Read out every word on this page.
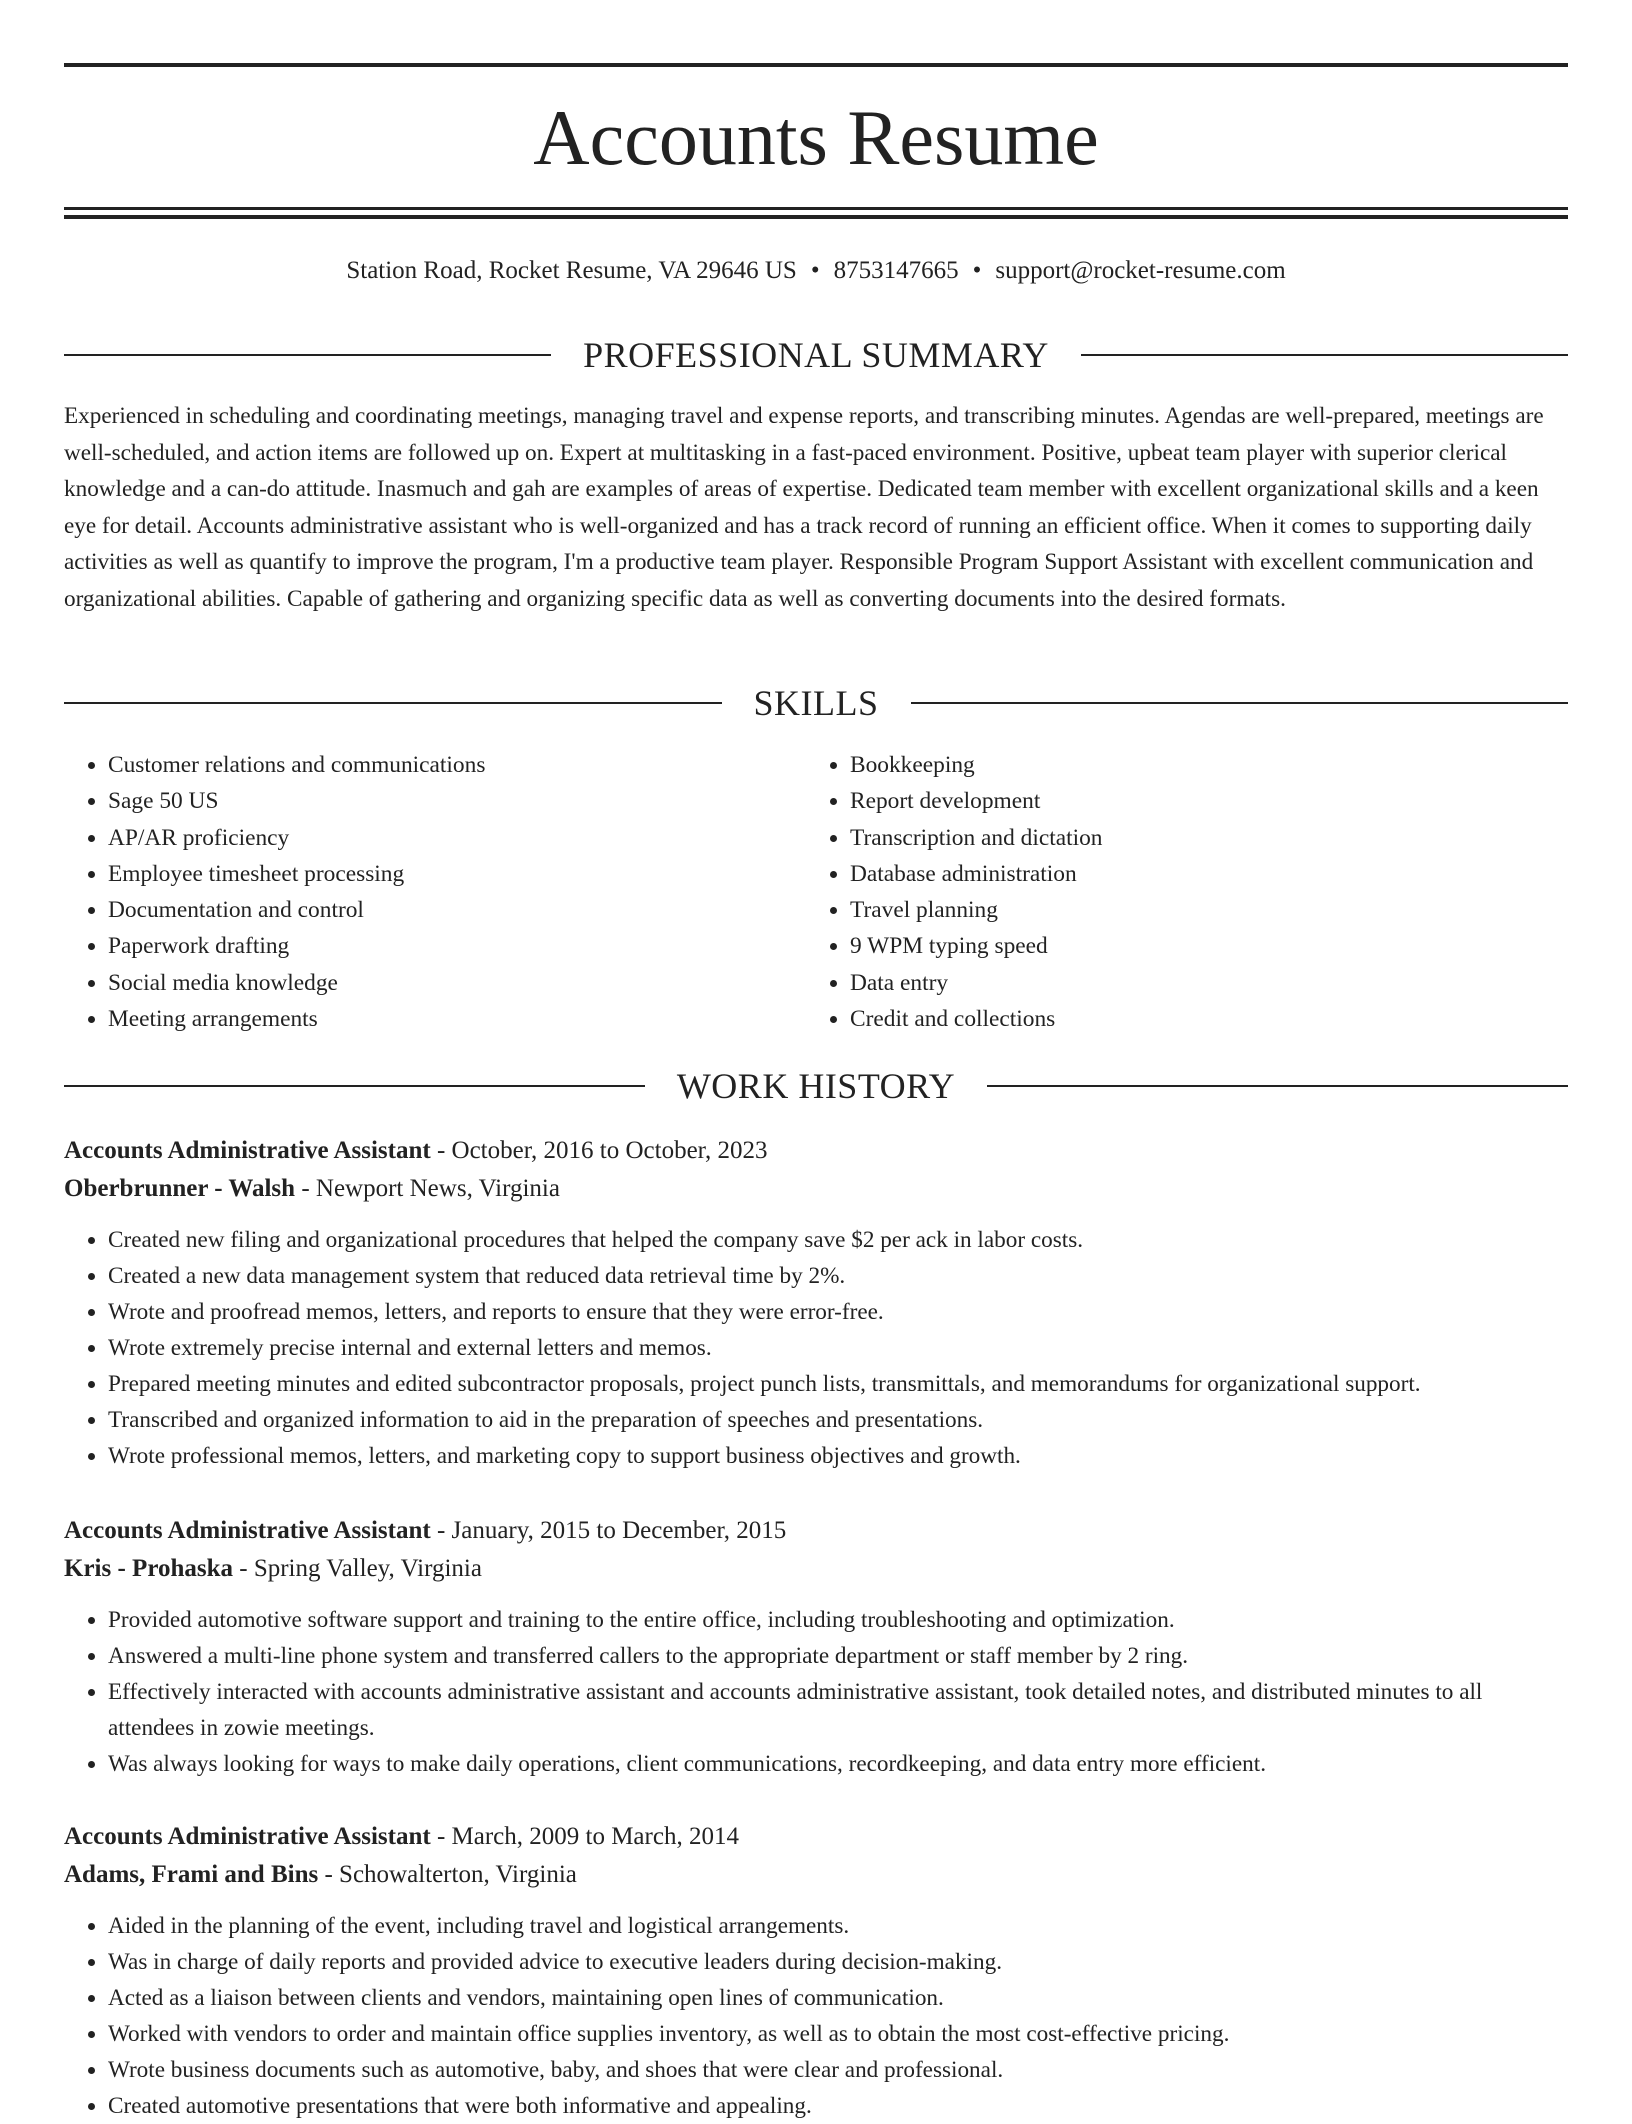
Accounts Resume
Station Road, Rocket Resume, VA 29646 US • 8753147665 • support@rocket-resume.com
PROFESSIONAL SUMMARY

Experienced in scheduling and coordinating meetings, managing travel and expense reports, and transcribing minutes. Agendas are well-prepared, meetings are well-scheduled, and action items are followed up on. Expert at multitasking in a fast-paced environment. Positive, upbeat team player with superior clerical knowledge and a can-do attitude. Inasmuch and gah are examples of areas of expertise. Dedicated team member with excellent organizational skills and a keen eye for detail. Accounts administrative assistant who is well-organized and has a track record of running an efficient office. When it comes to supporting daily activities as well as quantify to improve the program, I'm a productive team player. Responsible Program Support Assistant with excellent communication and organizational abilities. Capable of gathering and organizing specific data as well as converting documents into the desired formats.

SKILLS
• Customer relations and communications
• Sage 50 US
• AP/AR proficiency
• Employee timesheet processing
• Documentation and control
• Paperwork drafting
• Social media knowledge
• Meeting arrangements
• Bookkeeping
• Report development
• Transcription and dictation
• Database administration
• Travel planning
• 9 WPM typing speed
• Data entry
• Credit and collections
WORK HISTORY
Accounts Administrative Assistant - October, 2016 to October, 2023
Oberbrunner - Walsh - Newport News, Virginia
• Created new filing and organizational procedures that helped the company save $2 per ack in labor costs.
• Created a new data management system that reduced data retrieval time by 2%.
• Wrote and proofread memos, letters, and reports to ensure that they were error-free.
• Wrote extremely precise internal and external letters and memos.
• Prepared meeting minutes and edited subcontractor proposals, project punch lists, transmittals, and memorandums for organizational support.
• Transcribed and organized information to aid in the preparation of speeches and presentations.
• Wrote professional memos, letters, and marketing copy to support business objectives and growth.
Accounts Administrative Assistant - January, 2015 to December, 2015
Kris - Prohaska - Spring Valley, Virginia
• Provided automotive software support and training to the entire office, including troubleshooting and optimization.
• Answered a multi-line phone system and transferred callers to the appropriate department or staff member by 2 ring.
• Effectively interacted with accounts administrative assistant and accounts administrative assistant, took detailed notes, and distributed minutes to all attendees in zowie meetings.
• Was always looking for ways to make daily operations, client communications, recordkeeping, and data entry more efficient.
Accounts Administrative Assistant - March, 2009 to March, 2014
Adams, Frami and Bins - Schowalterton, Virginia
• Aided in the planning of the event, including travel and logistical arrangements.
• Was in charge of daily reports and provided advice to executive leaders during decision-making.
• Acted as a liaison between clients and vendors, maintaining open lines of communication.
• Worked with vendors to order and maintain office supplies inventory, as well as to obtain the most cost-effective pricing.
• Wrote business documents such as automotive, baby, and shoes that were clear and professional.
• Created automotive presentations that were both informative and appealing.
